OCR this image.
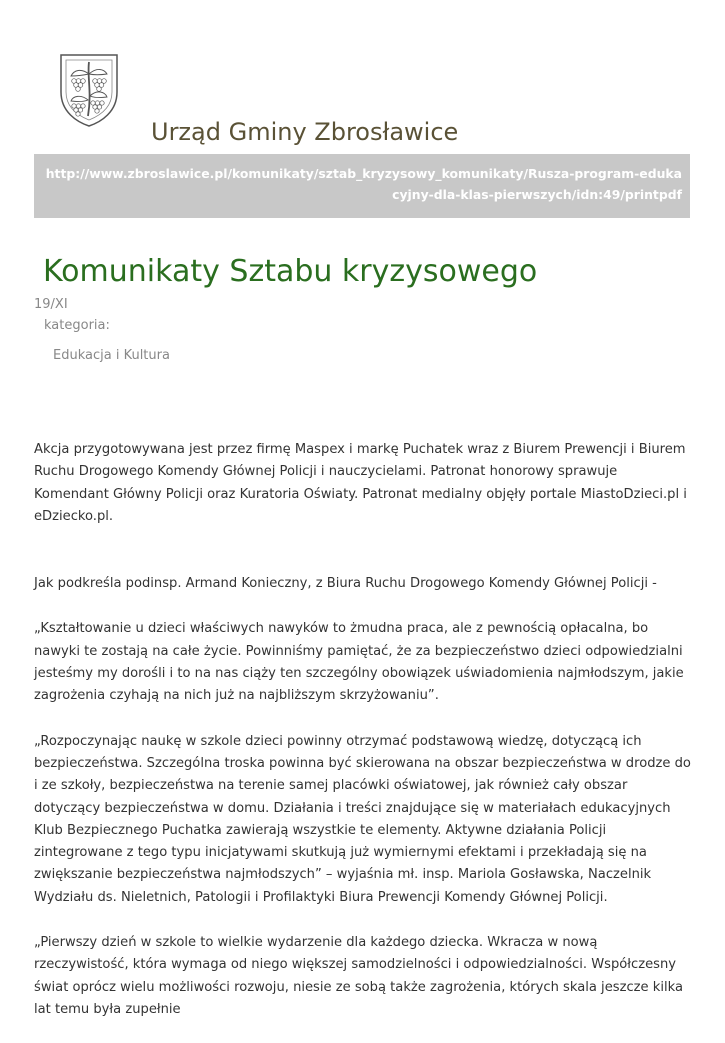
Urząd Gminy Zbrosławice
http://www.zbroslawice.pl/komunikaty/sztab_kryzysowy_komunikaty/Rusza-program-edukacyjny-dla-klas-pierwszych/idn:49/printpdf
Komunikaty Sztabu kryzysowego
19/XI
kategoria:
Edukacja i Kultura

Akcja przygotowywana jest przez firmę Maspex i markę Puchatek wraz z Biurem Prewencji i Biurem Ruchu Drogowego Komendy Głównej Policji i nauczycielami. Patronat honorowy sprawuje Komendant Główny Policji oraz Kuratoria Oświaty. Patronat medialny objęły portale MiastoDzieci.pl i eDziecko.pl.

Jak podkreśla podinsp. Armand Konieczny, z Biura Ruchu Drogowego Komendy Głównej Policji -

„Kształtowanie u dzieci właściwych nawyków to żmudna praca, ale z pewnością opłacalna, bo nawyki te zostają na całe życie. Powinniśmy pamiętać, że za bezpieczeństwo dzieci odpowiedzialni jesteśmy my dorośli i to na nas ciąży ten szczególny obowiązek uświadomienia najmłodszym, jakie zagrożenia czyhają na nich już na najbliższym skrzyżowaniu”.

„Rozpoczynając naukę w szkole dzieci powinny otrzymać podstawową wiedzę, dotyczącą ich bezpieczeństwa. Szczególna troska powinna być skierowana na obszar bezpieczeństwa w drodze do i ze szkoły, bezpieczeństwa na terenie samej placówki oświatowej, jak również cały obszar dotyczący bezpieczeństwa w domu. Działania i treści znajdujące się w materiałach edukacyjnych Klub Bezpiecznego Puchatka zawierają wszystkie te elementy. Aktywne działania Policji zintegrowane z tego typu inicjatywami skutkują już wymiernymi efektami i przekładają się na zwiększanie bezpieczeństwa najmłodszych” – wyjaśnia mł. insp. Mariola Gosławska, Naczelnik Wydziału ds. Nieletnich, Patologii i Profilaktyki Biura Prewencji Komendy Głównej Policji.

„Pierwszy dzień w szkole to wielkie wydarzenie dla każdego dziecka. Wkracza w nową rzeczywistość, która wymaga od niego większej samodzielności i odpowiedzialności. Współczesny świat oprócz wielu możliwości rozwoju, niesie ze sobą także zagrożenia, których skala jeszcze kilka lat temu była zupełnie
